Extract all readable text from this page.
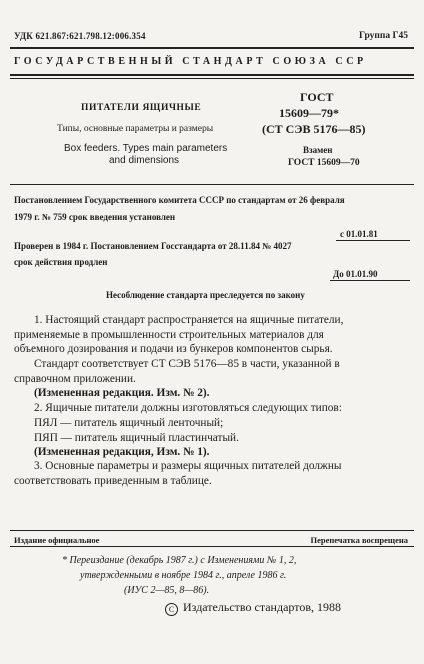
УДК 621.867:621.798.12:006.354	Группа Г45
ГОСУДАРСТВЕННЫЙ СТАНДАРТ СОЮЗА ССР
ПИТАТЕЛИ ЯЩИЧНЫЕ
Типы, основные параметры и размеры
Box feeders. Types main parameters
and dimensions
ГОСТ
15609—79*
(СТ СЭВ 5176—85)
Взамен
ГОСТ 15609—70
Постановлением Государственного комитета СССР по стандартам от 26 февраля
1979 г. № 759 срок введения установлен
с 01.01.81
Проверен в 1984 г. Постановлением Госстандарта от 28.11.84 № 4027
срок действия продлен
До 01.01.90
Несоблюдение стандарта преследуется по закону
1. Настоящий стандарт распространяется на ящичные питатели,
применяемые в промышленности строительных материалов для
объемного дозирования и подачи из бункеров компонентов сырья.
Стандарт соответствует СТ СЭВ 5176—85 в части, указанной в
справочном приложении.
(Измененная редакция. Изм. № 2).
2. Ящичные питатели должны изготовляться следующих типов:
ПЯЛ — питатель ящичный ленточный;
ПЯП — питатель ящичный пластинчатый.
(Измененная редакция, Изм. № 1).
3. Основные параметры и размеры ящичных питателей должны
соответствовать приведенным в таблице.
Издание официальное	Перепечатка воспрещена
* Переиздание (декабрь 1987 г.) с Изменениями № 1, 2,
утвержденными в ноябре 1984 г., апреле 1986 г.
(ИУС 2—85, 8—86).
C Издательство стандартов, 1988
